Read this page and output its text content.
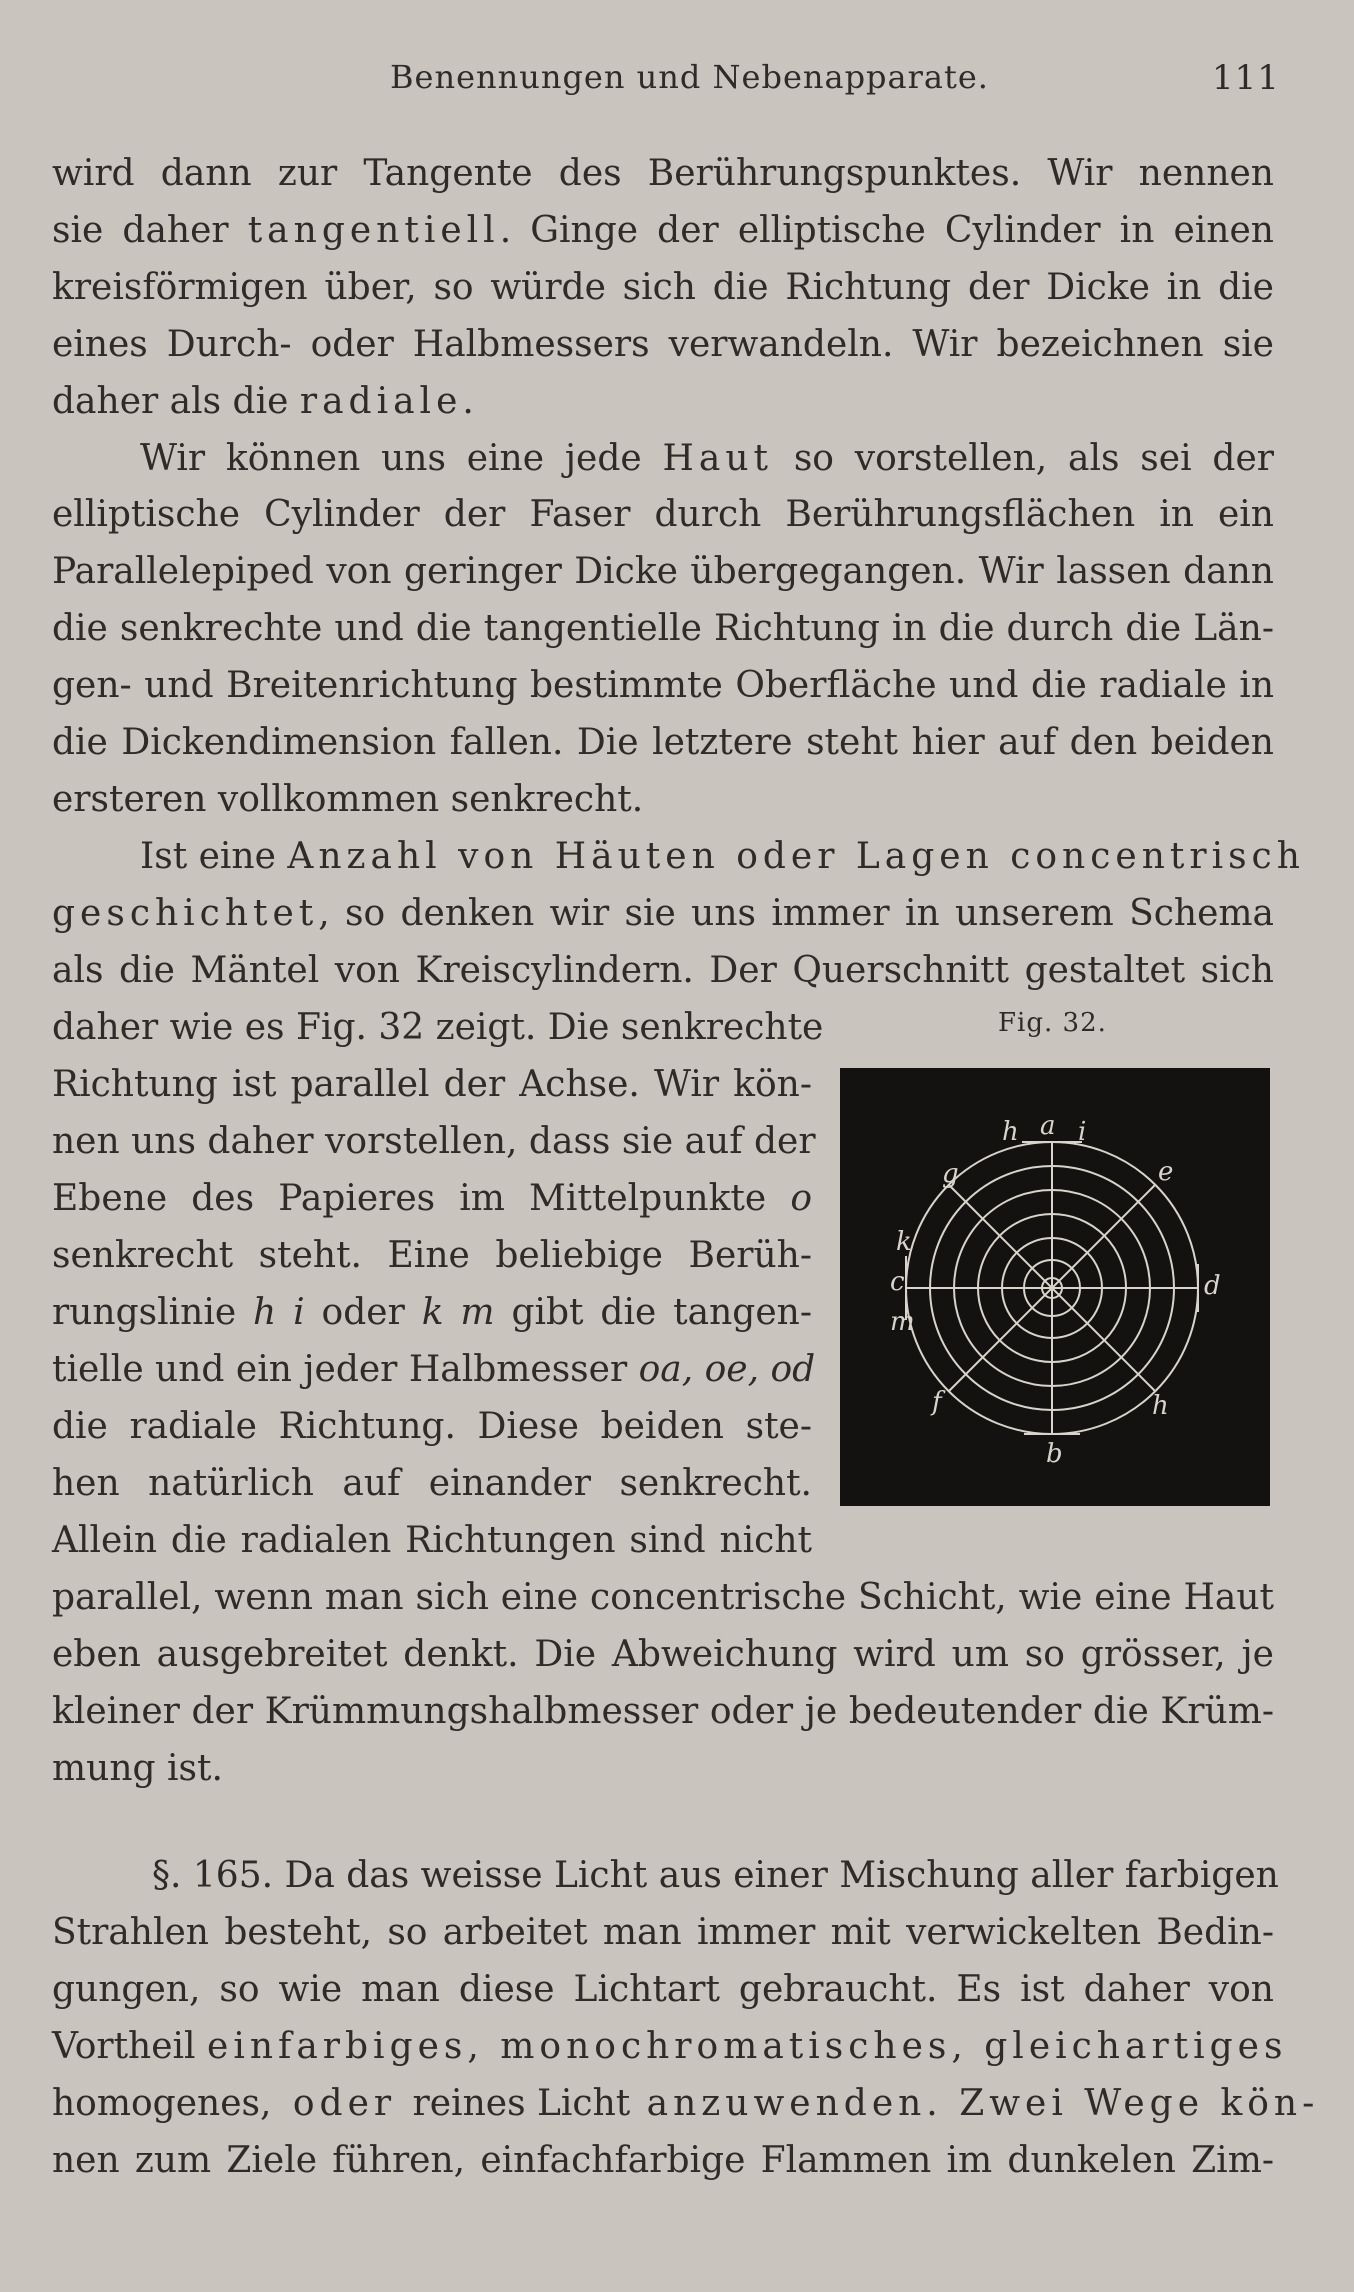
Benennungen und Nebenapparate.	111
wird dann zur Tangente des Berührungspunktes. Wir nennen
sie daher tangentiell. Ginge der elliptische Cylinder in einen
kreisförmigen über, so würde sich die Richtung der Dicke in die
eines Durch- oder Halbmessers verwandeln. Wir bezeichnen sie
daher als die radiale.
Wir können uns eine jede Haut so vorstellen, als sei der
elliptische Cylinder der Faser durch Berührungsflächen in ein
Parallelepiped von geringer Dicke übergegangen. Wir lassen dann
die senkrechte und die tangentielle Richtung in die durch die Län-
gen- und Breitenrichtung bestimmte Oberfläche und die radiale in
die Dickendimension fallen. Die letztere steht hier auf den beiden
ersteren vollkommen senkrecht.
Ist eine Anzahl von Häuten oder Lagen concentrisch
geschichtet, so denken wir sie uns immer in unserem Schema
als die Mäntel von Kreiscylindern. Der Querschnitt gestaltet sich
daher wie es Fig. 32 zeigt. Die senkrechte
Richtung ist parallel der Achse. Wir kön-
nen uns daher vorstellen, dass sie auf der
Ebene des Papieres im Mittelpunkte o
senkrecht steht. Eine beliebige Berüh-
rungslinie h i oder k m gibt die tangen-
tielle und ein jeder Halbmesser oa, oe, od
die radiale Richtung. Diese beiden ste-
hen natürlich auf einander senkrecht.
Allein die radialen Richtungen sind nicht
parallel, wenn man sich eine concentrische Schicht, wie eine Haut
eben ausgebreitet denkt. Die Abweichung wird um so grösser, je
kleiner der Krümmungshalbmesser oder je bedeutender die Krüm-
mung ist.
§. 165. Da das weisse Licht aus einer Mischung aller farbigen
Strahlen besteht, so arbeitet man immer mit verwickelten Bedin-
gungen, so wie man diese Lichtart gebraucht. Es ist daher von
Vortheil einfarbiges, monochromatisches, gleichartiges
homogenes, oder reines Licht anzuwenden. Zwei Wege kön-
nen zum Ziele führen, einfachfarbige Flammen im dunkelen Zim-
Fig. 32.
h a i
g	e
k
c
m
d
f	h
b
